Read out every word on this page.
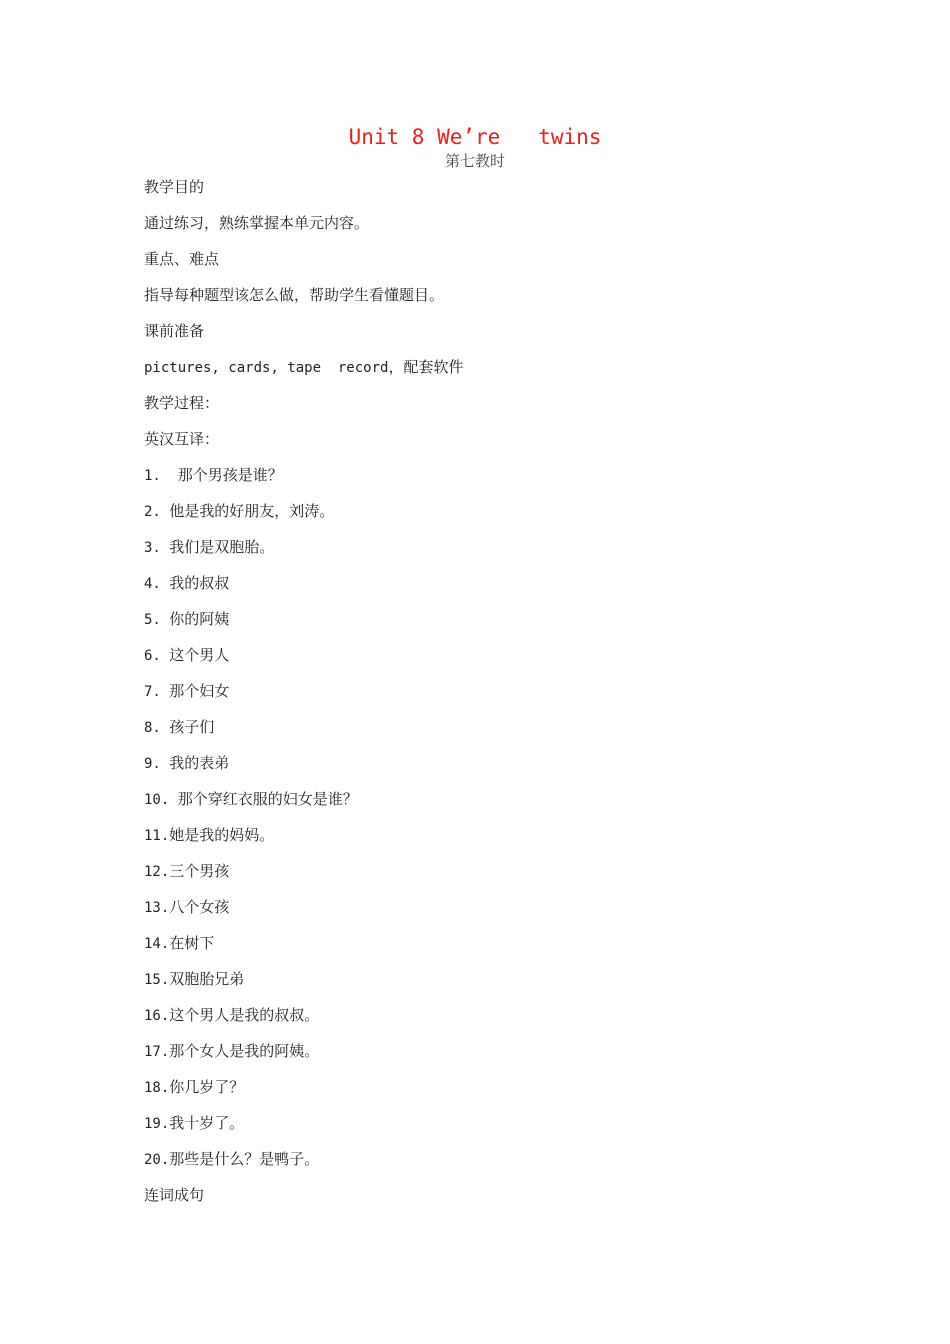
Unit 8 We’re   twins
第七教时
教学目的
通过练习，熟练掌握本单元内容。
重点、难点
指导每种题型该怎么做，帮助学生看懂题目。
课前准备
pictures, cards, tape  record，配套软件
教学过程：
英汉互译：
1.  那个男孩是谁？
2. 他是我的好朋友，刘涛。
3. 我们是双胞胎。
4. 我的叔叔
5. 你的阿姨
6. 这个男人
7. 那个妇女
8. 孩子们
9. 我的表弟
10. 那个穿红衣服的妇女是谁？
11.她是我的妈妈。
12.三个男孩
13.八个女孩
14.在树下
15.双胞胎兄弟
16.这个男人是我的叔叔。
17.那个女人是我的阿姨。
18.你几岁了？
19.我十岁了。
20.那些是什么？是鸭子。
连词成句
